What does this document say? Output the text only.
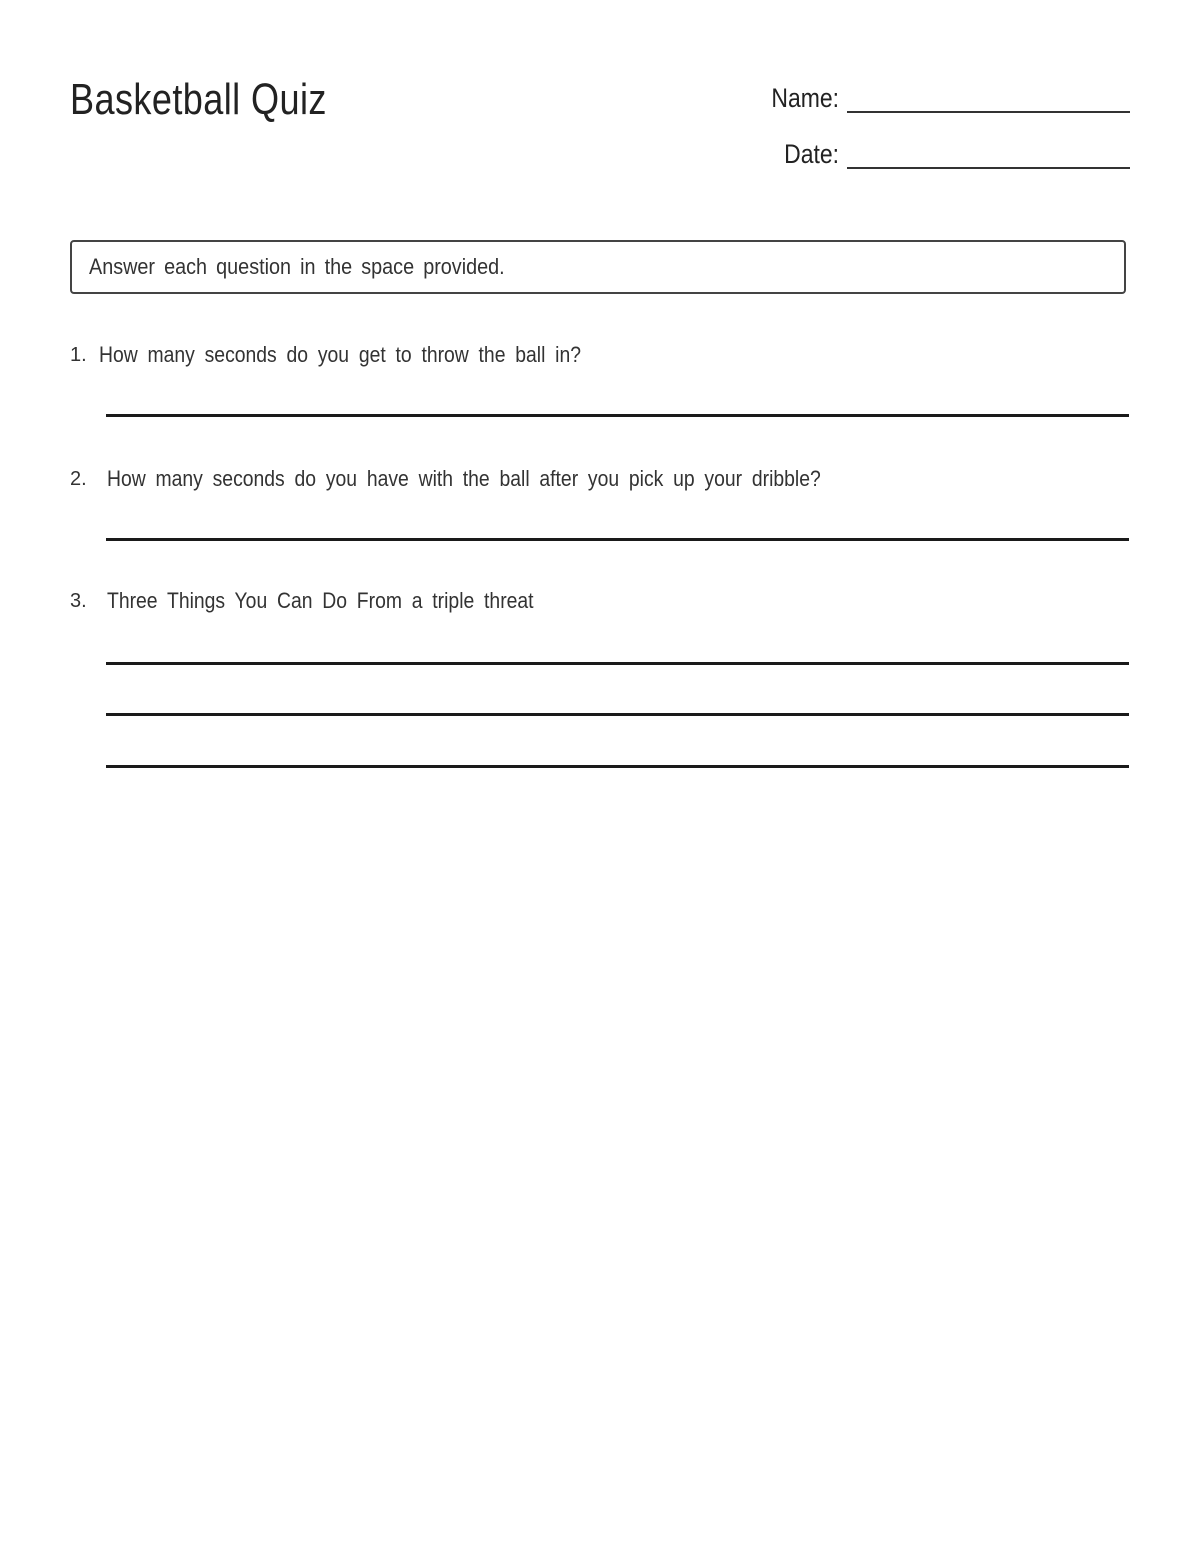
Basketball Quiz	Name:
Date:
Answer each question in the space provided.
1. How many seconds do you get to throw the ball in?
2. How many seconds do you have with the ball after you pick up your dribble?
3. Three Things You Can Do From a triple threat
